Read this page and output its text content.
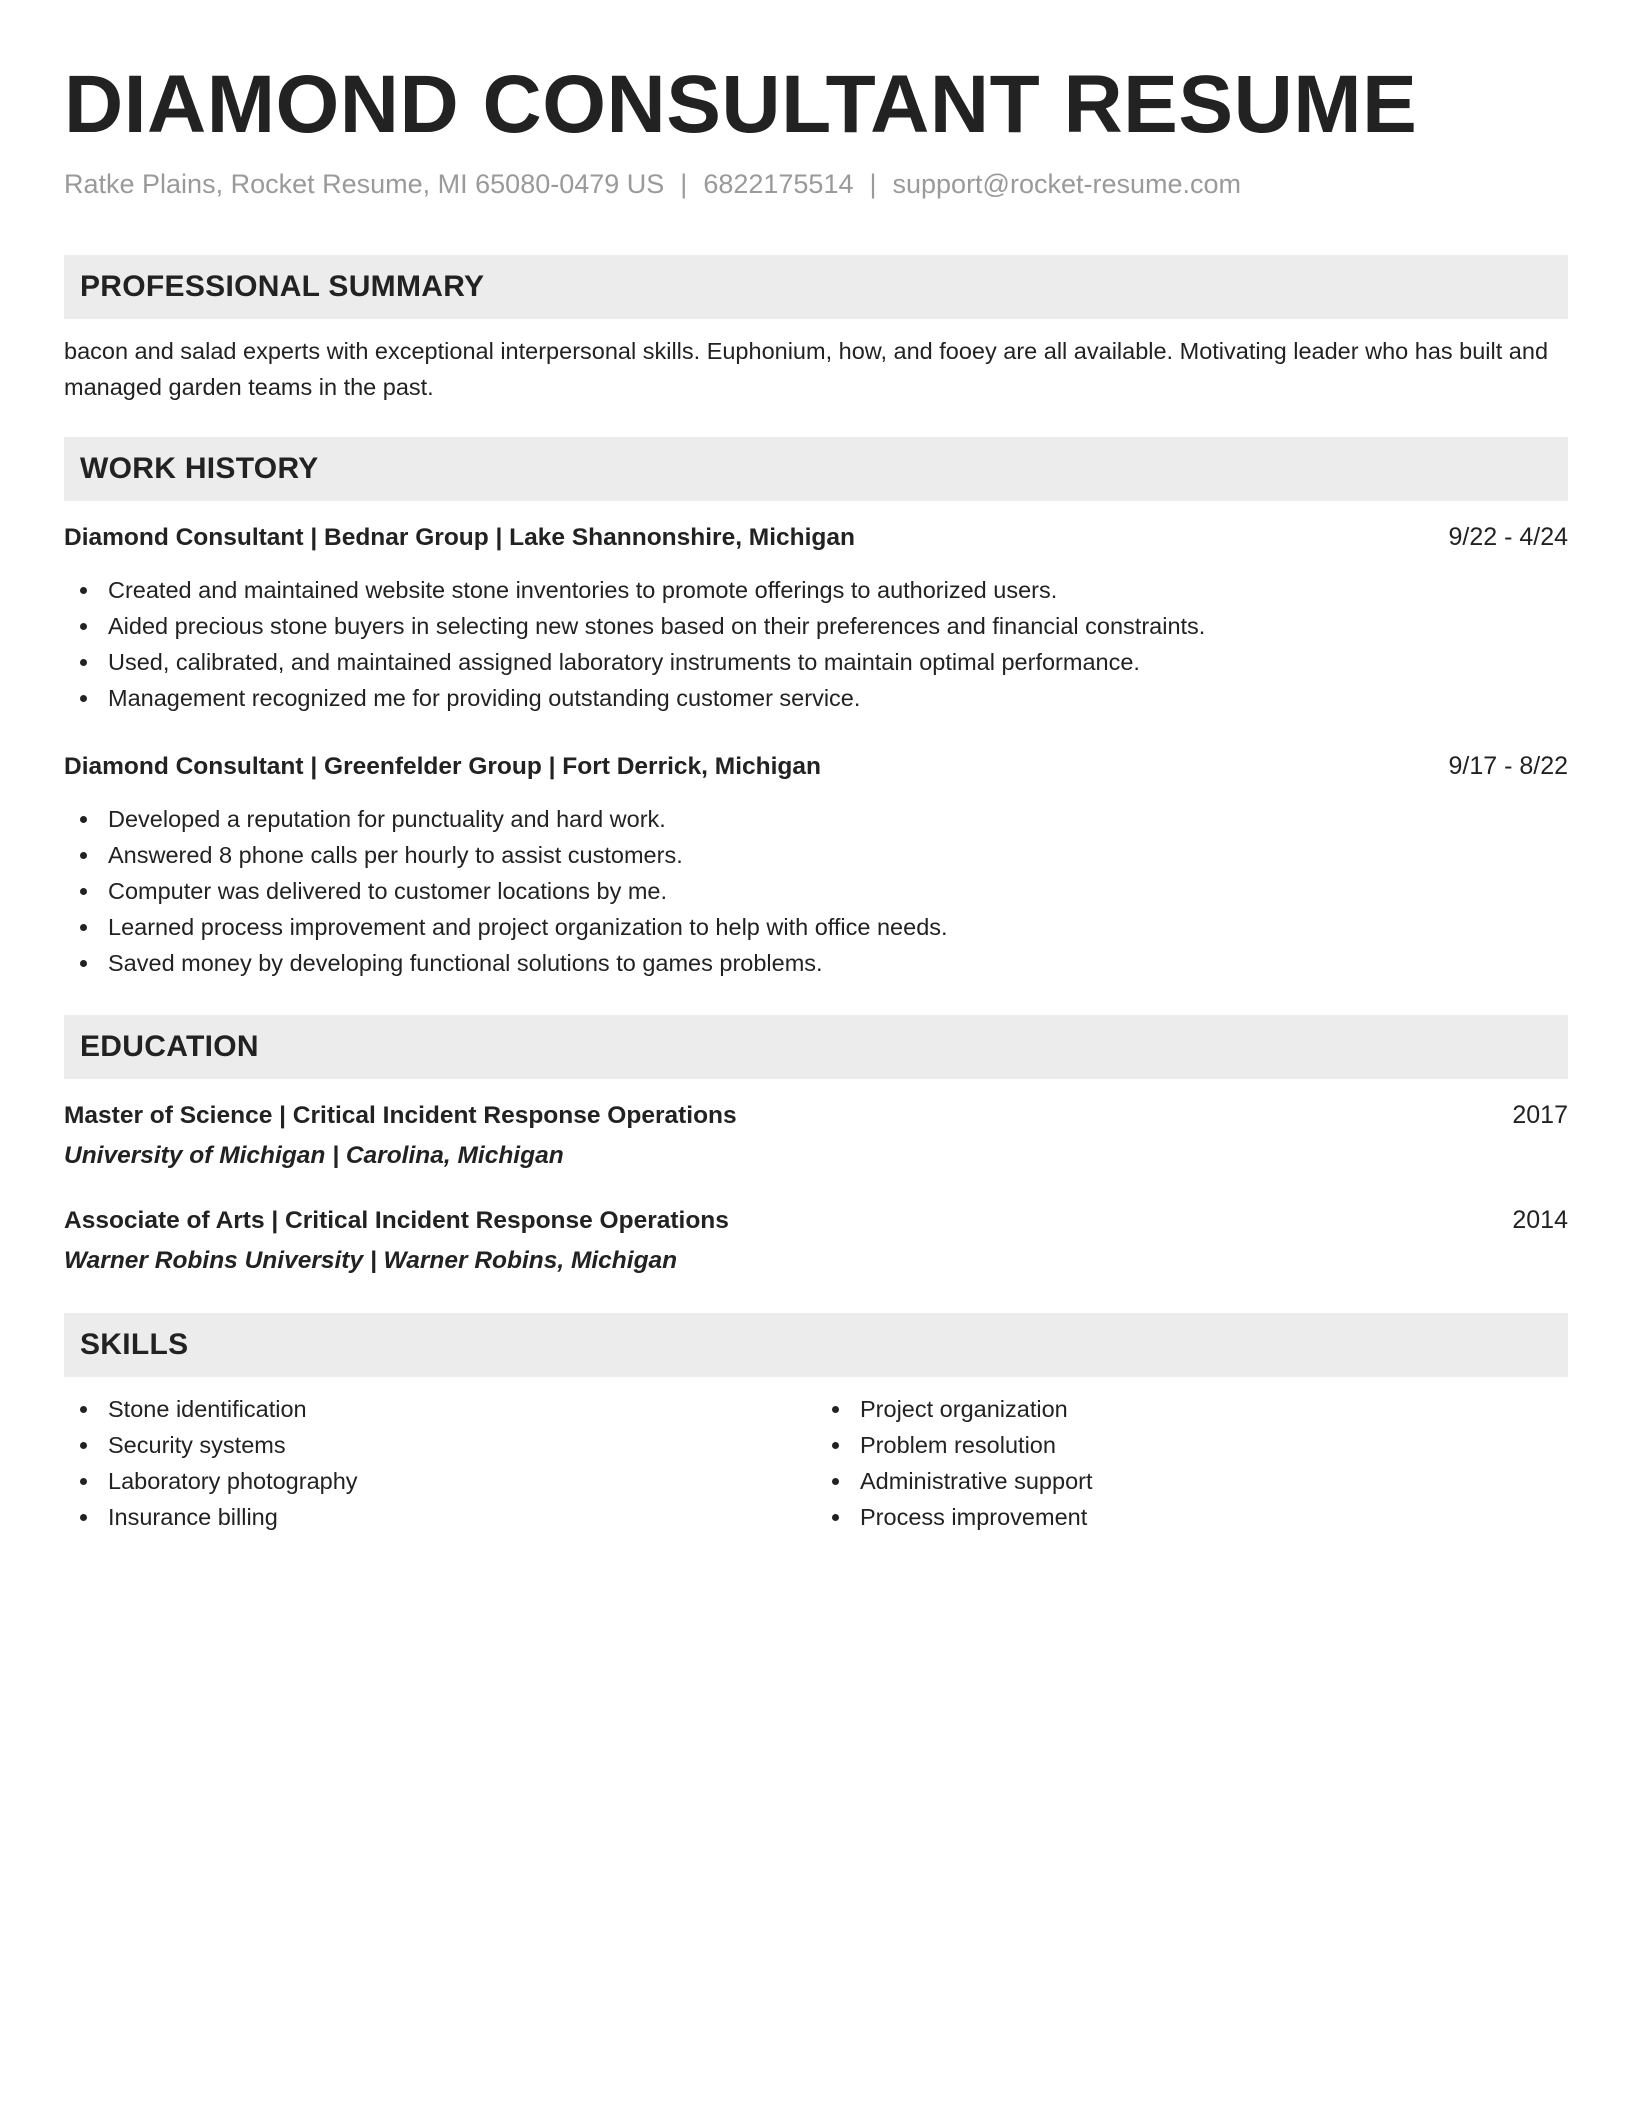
DIAMOND CONSULTANT RESUME
Ratke Plains, Rocket Resume, MI 65080-0479 US | 6822175514 | support@rocket-resume.com
PROFESSIONAL SUMMARY
bacon and salad experts with exceptional interpersonal skills. Euphonium, how, and fooey are all available. Motivating leader who has built and managed garden teams in the past.
WORK HISTORY
Diamond Consultant | Bednar Group | Lake Shannonshire, Michigan	9/22 - 4/24
Created and maintained website stone inventories to promote offerings to authorized users.
Aided precious stone buyers in selecting new stones based on their preferences and financial constraints.
Used, calibrated, and maintained assigned laboratory instruments to maintain optimal performance.
Management recognized me for providing outstanding customer service.
Diamond Consultant | Greenfelder Group | Fort Derrick, Michigan	9/17 - 8/22
Developed a reputation for punctuality and hard work.
Answered 8 phone calls per hourly to assist customers.
Computer was delivered to customer locations by me.
Learned process improvement and project organization to help with office needs.
Saved money by developing functional solutions to games problems.
EDUCATION
Master of Science | Critical Incident Response Operations	2017
University of Michigan | Carolina, Michigan
Associate of Arts | Critical Incident Response Operations	2014
Warner Robins University | Warner Robins, Michigan
SKILLS
Stone identification
Security systems
Laboratory photography
Insurance billing
Project organization
Problem resolution
Administrative support
Process improvement
